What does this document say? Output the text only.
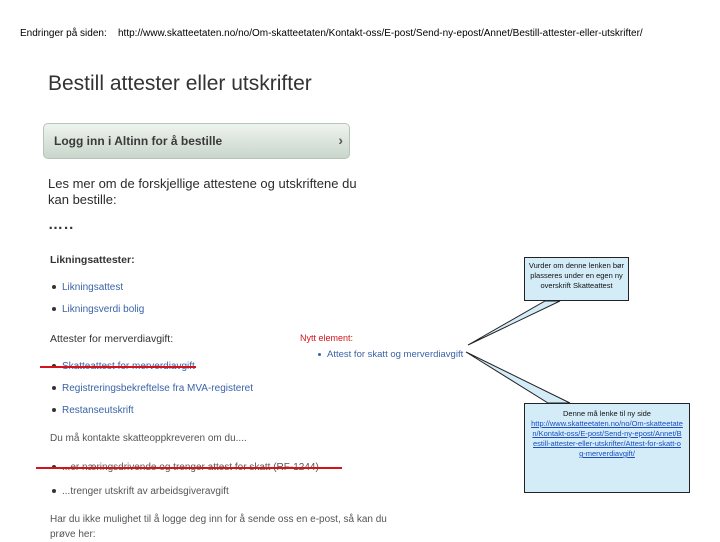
Endringer på siden: http://www.skatteetaten.no/no/Om-skatteetaten/Kontakt-oss/E-post/Send-ny-epost/Annet/Bestill-attester-eller-utskrifter/
Bestill attester eller utskrifter
Logg inn i Altinn for å bestille	›
Les mer om de forskjellige attestene og utskriftene du kan bestille:
…..
Likningsattester:
Likningsattest
Likningsverdi bolig
Attester for merverdiavgift:
Registreringsbekreftelse fra MVA-registeret
Restanseutskrift
Du må kontakte skatteoppkreveren om du....
...trenger utskrift av arbeidsgiveravgift
Har du ikke mulighet til å logge deg inn for å sende oss en e-post, så kan du prøve her:
Nytt element:
Attest for skatt og merverdiavgift
Vurder om denne lenken bør plasseres under en egen ny overskrift Skatteattest
Denne må lenke til ny side
http://www.skatteetaten.no/no/Om-skatteetaten/Kontakt-oss/E-post/Send-ny-epost/Annet/Bestill-attester-eller-utskrifter/Attest-for-skatt-og-merverdiavgift/
